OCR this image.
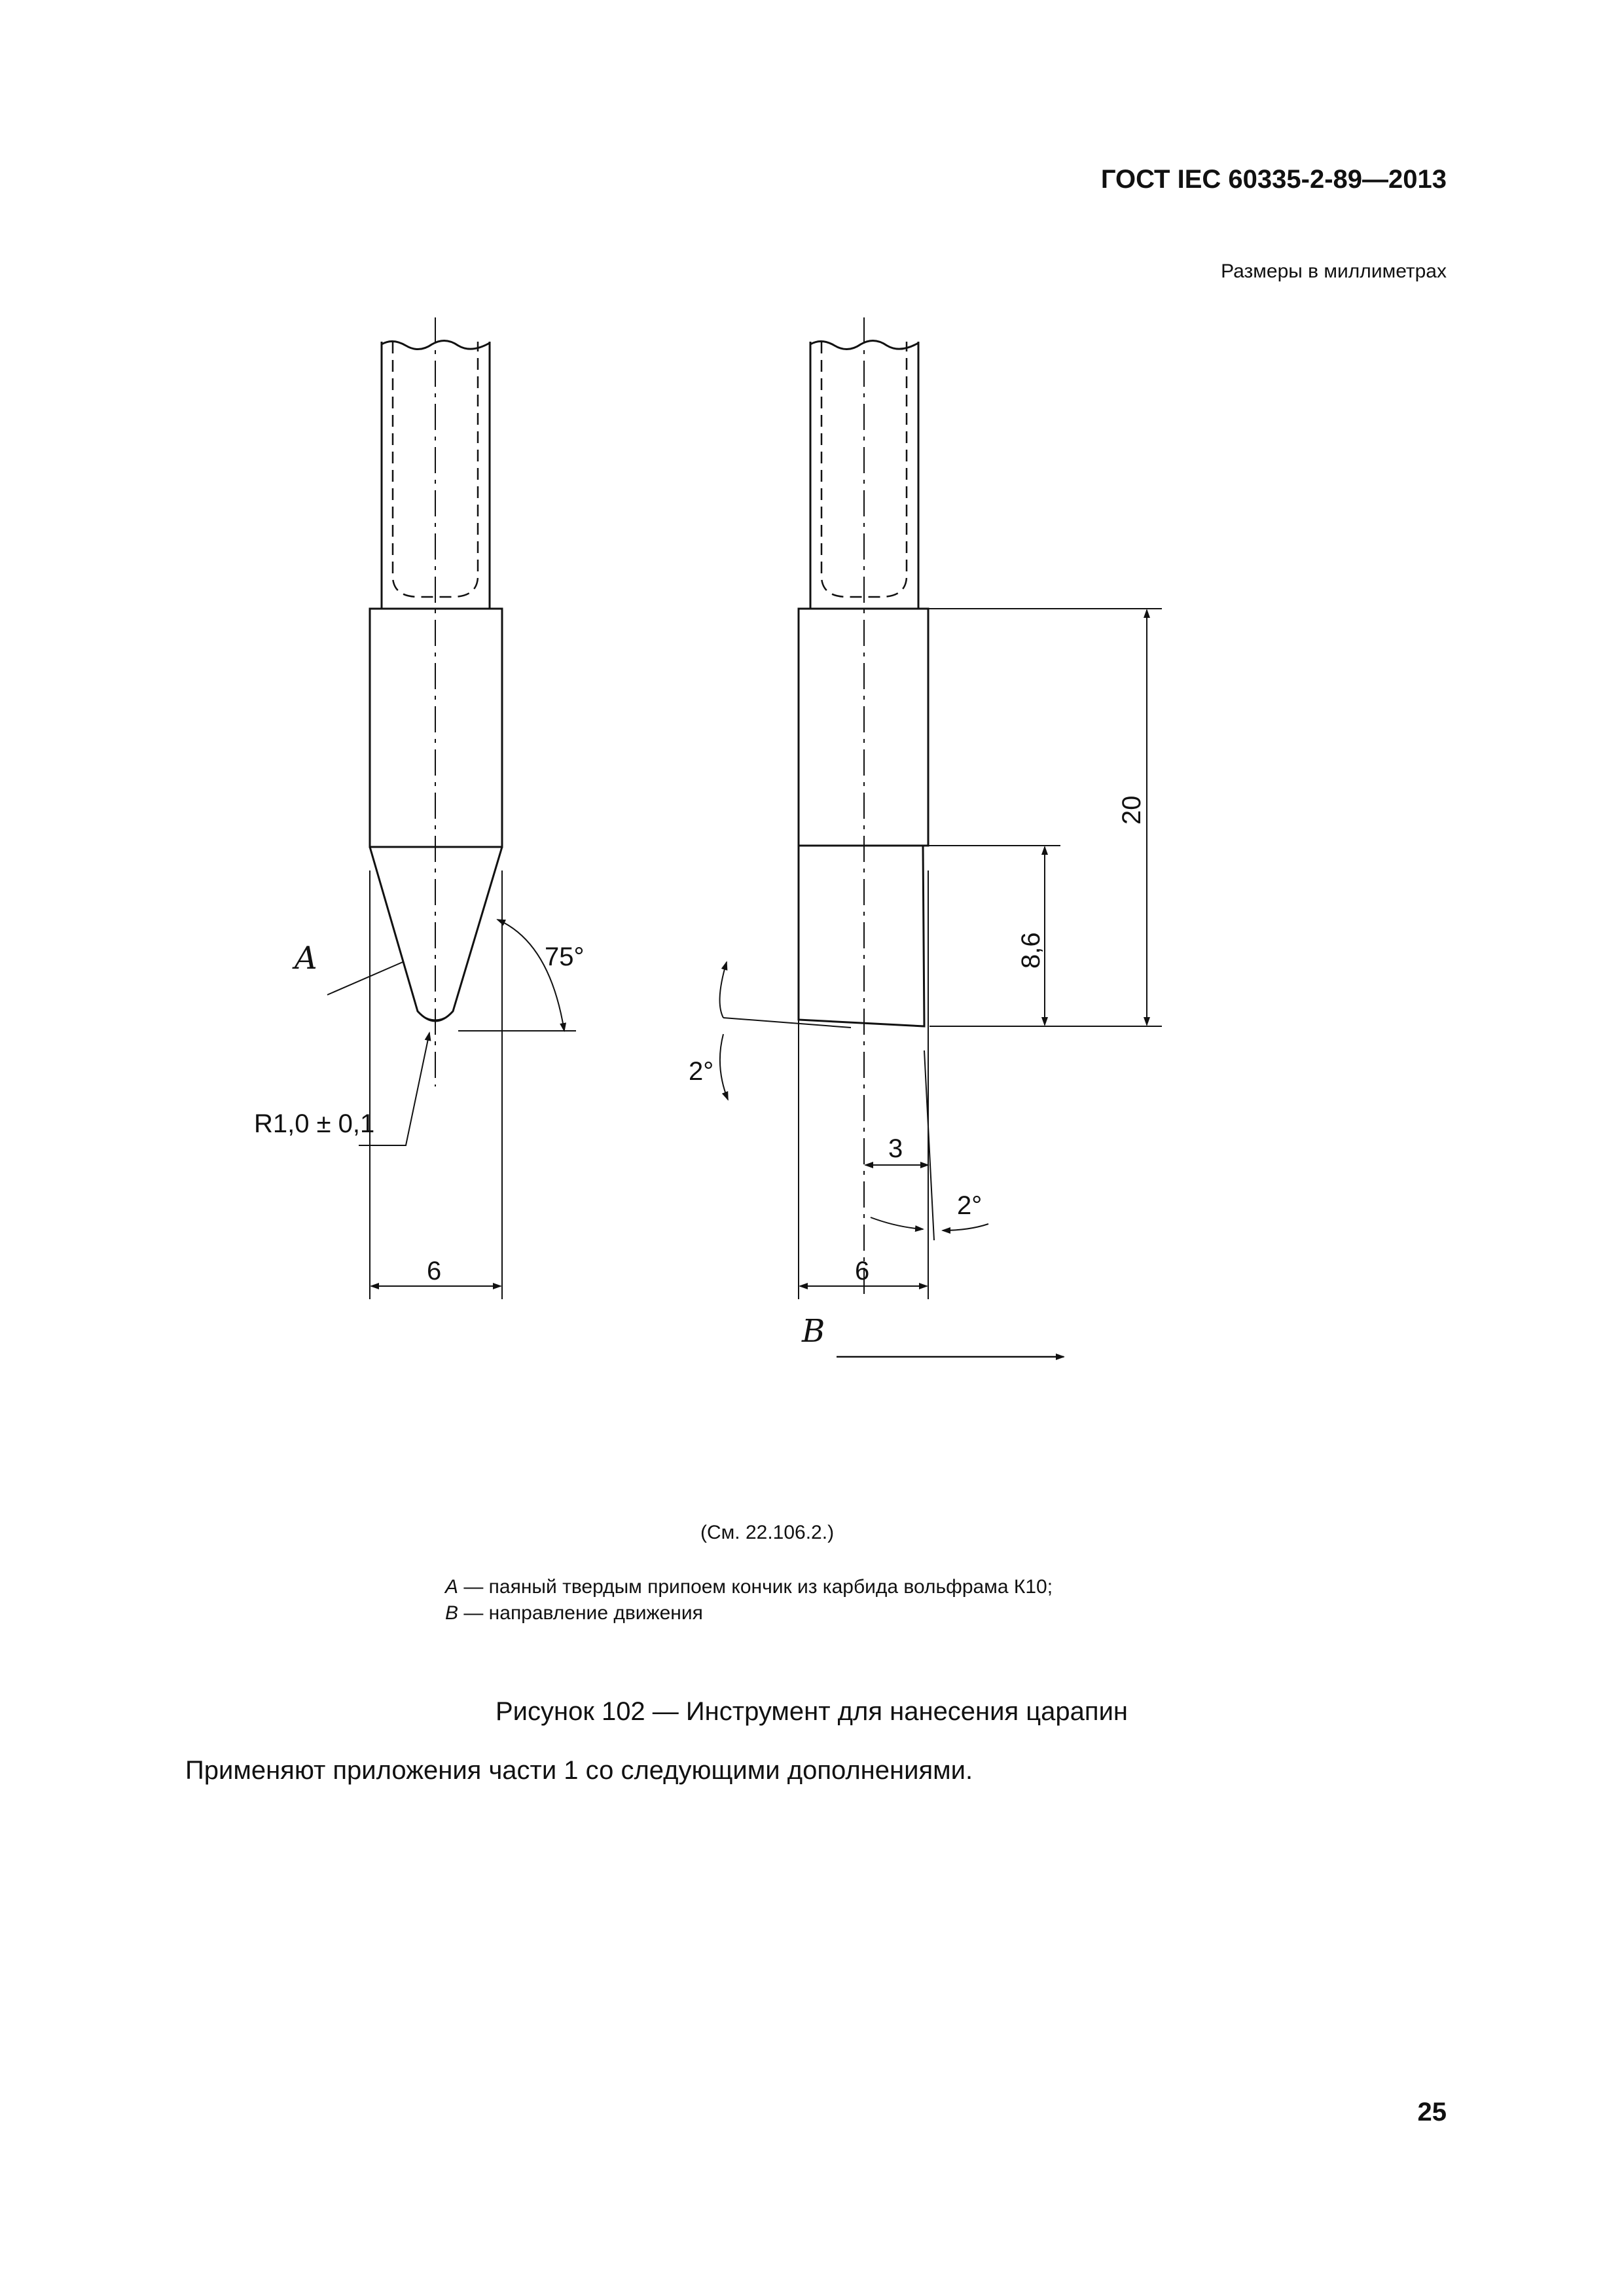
ГОСТ IEC 60335-2-89—2013
Размеры в миллиметрах
A	75°
R1,0 ± 0,1
6	6
3
2°
2°
20
8,6
B
(См. 22.106.2.)
A — паяный твердым припоем кончик из карбида вольфрама К10;
B — направление движения
Рисунок 102 — Инструмент для нанесения царапин
Применяют приложения части 1 со следующими дополнениями.
25
